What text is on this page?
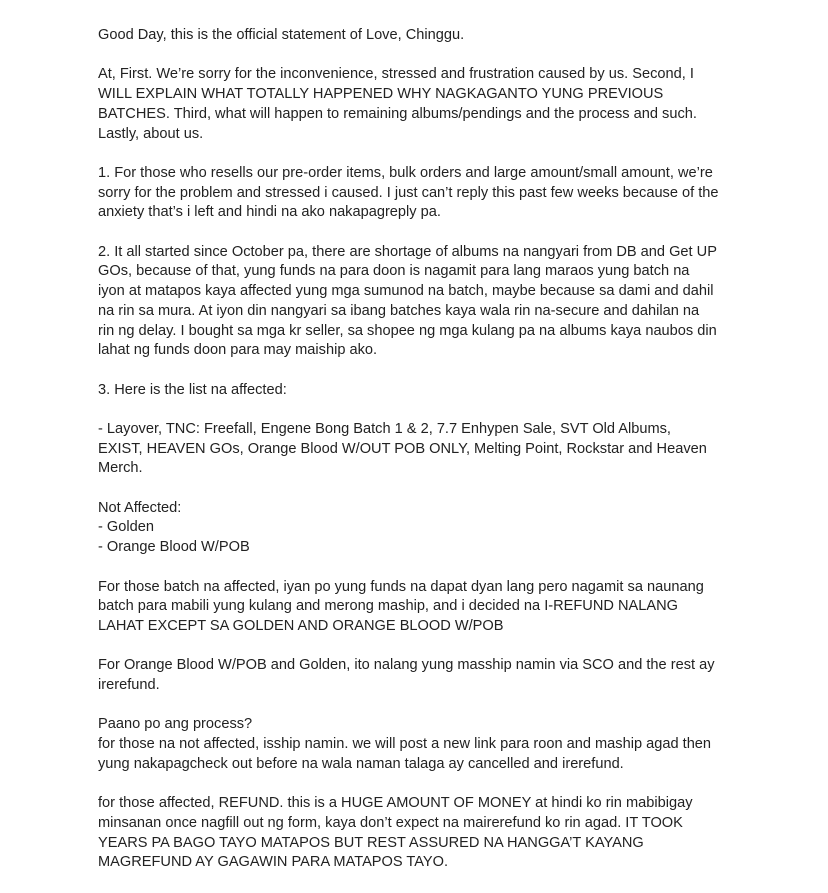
Good Day, this is the official statement of Love, Chinggu.
At, First. We’re sorry for the inconvenience, stressed and frustration caused by us. Second, I
WILL EXPLAIN WHAT TOTALLY HAPPENED WHY NAGKAGANTO YUNG PREVIOUS
BATCHES. Third, what will happen to remaining albums/pendings and the process and such.
Lastly, about us.
1. For those who resells our pre-order items, bulk orders and large amount/small amount, we’re
sorry for the problem and stressed i caused. I just can’t reply this past few weeks because of the
anxiety that’s i left and hindi na ako nakapagreply pa.
2. It all started since October pa, there are shortage of albums na nangyari from DB and Get UP
GOs, because of that, yung funds na para doon is nagamit para lang maraos yung batch na
iyon at matapos kaya affected yung mga sumunod na batch, maybe because sa dami and dahil
na rin sa mura. At iyon din nangyari sa ibang batches kaya wala rin na-secure and dahilan na
rin ng delay. I bought sa mga kr seller, sa shopee ng mga kulang pa na albums kaya naubos din
lahat ng funds doon para may maiship ako.
3. Here is the list na affected:
- Layover, TNC: Freefall, Engene Bong Batch 1 & 2, 7.7 Enhypen Sale, SVT Old Albums,
EXIST, HEAVEN GOs, Orange Blood W/OUT POB ONLY, Melting Point, Rockstar and Heaven
Merch.
Not Affected:
- Golden
- Orange Blood W/POB
For those batch na affected, iyan po yung funds na dapat dyan lang pero nagamit sa naunang
batch para mabili yung kulang and merong maship, and i decided na I-REFUND NALANG
LAHAT EXCEPT SA GOLDEN AND ORANGE BLOOD W/POB
For Orange Blood W/POB and Golden, ito nalang yung masship namin via SCO and the rest ay
irerefund.
Paano po ang process?
for those na not affected, isship namin. we will post a new link para roon and maship agad then
yung nakapagcheck out before na wala naman talaga ay cancelled and irerefund.
for those affected, REFUND. this is a HUGE AMOUNT OF MONEY at hindi ko rin mabibigay
minsanan once nagfill out ng form, kaya don’t expect na mairerefund ko rin agad. IT TOOK
YEARS PA BAGO TAYO MATAPOS BUT REST ASSURED NA HANGGA’T KAYANG
MAGREFUND AY GAGAWIN PARA MATAPOS TAYO.
